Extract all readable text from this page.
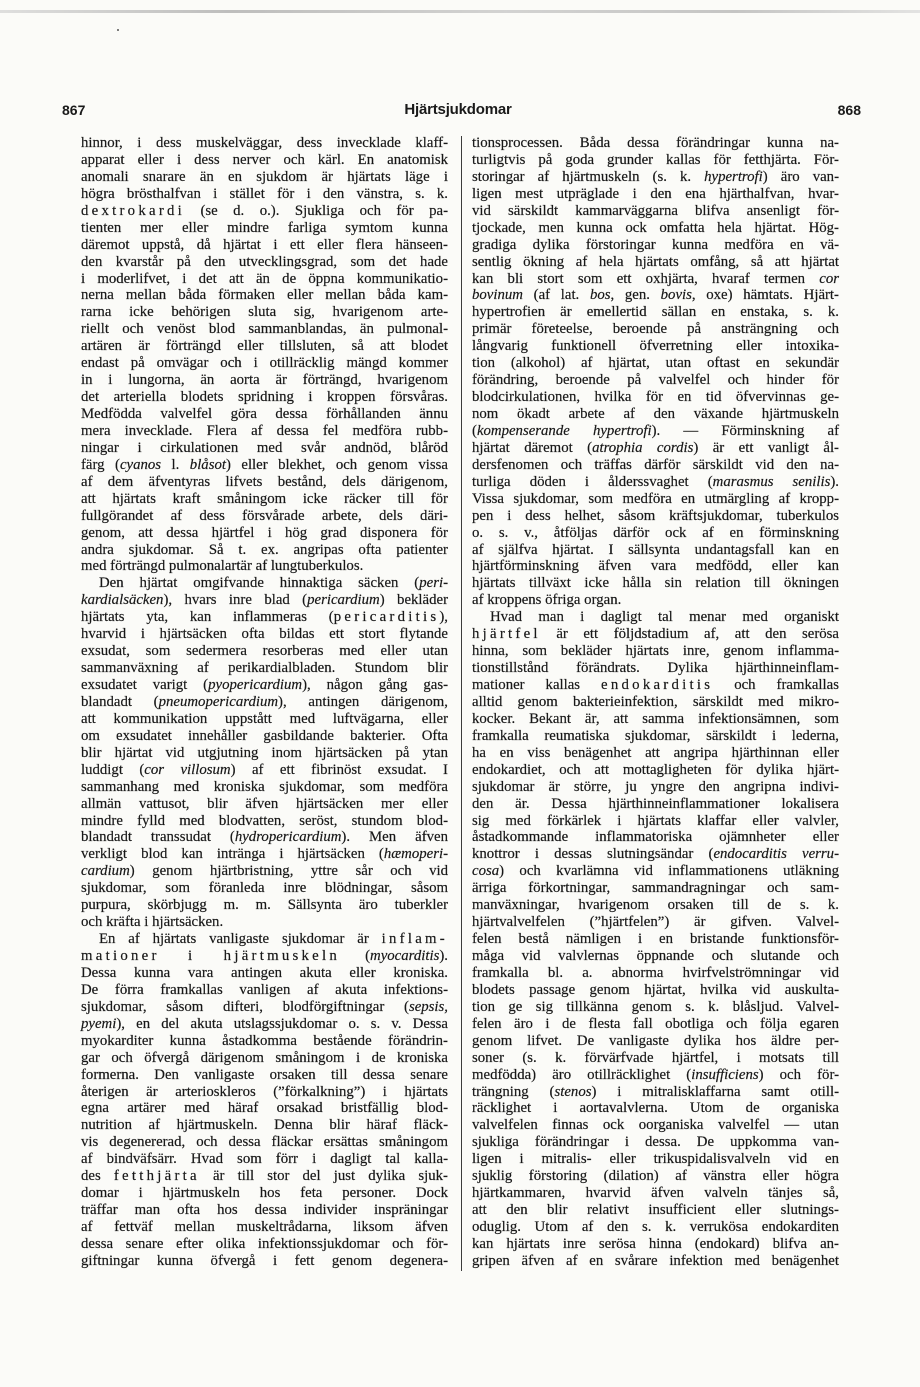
867	Hjärtsjukdomar	868
hinnor, i dess muskelväggar, dess invecklade klaff-
apparat eller i dess nerver och kärl. En anatomisk
anomali snarare än en sjukdom är hjärtats läge i
högra brösthalfvan i stället för i den vänstra, s. k.
dextrokardi (se d. o.). Sjukliga och för pa-
tienten mer eller mindre farliga symtom kunna
däremot uppstå, då hjärtat i ett eller flera hänseen-
den kvarstår på den utvecklingsgrad, som det hade
i moderlifvet, i det att än de öppna kommunikatio-
nerna mellan båda förmaken eller mellan båda kam-
rarna icke behörigen sluta sig, hvarigenom arte-
riellt och venöst blod sammanblandas, än pulmonal-
artären är förträngd eller tillsluten, så att blodet
endast på omvägar och i otillräcklig mängd kommer
in i lungorna, än aorta är förträngd, hvarigenom
det arteriella blodets spridning i kroppen försvåras.
Medfödda valvelfel göra dessa förhållanden ännu
mera invecklade. Flera af dessa fel medföra rubb-
ningar i cirkulationen med svår andnöd, blåröd
färg (cyanos l. blåsot) eller blekhet, och genom vissa
af dem äfventyras lifvets bestånd, dels därigenom,
att hjärtats kraft småningom icke räcker till för
fullgörandet af dess försvårade arbete, dels däri-
genom, att dessa hjärtfel i hög grad disponera för
andra sjukdomar. Så t. ex. angripas ofta patienter
med förträngd pulmonalartär af lungtuberkulos.
Den hjärtat omgifvande hinnaktiga säcken (peri-
kardialsäcken), hvars inre blad (pericardium) bekläder
hjärtats yta, kan inflammeras (pericarditis),
hvarvid i hjärtsäcken ofta bildas ett stort flytande
exsudat, som sedermera resorberas med eller utan
sammanväxning af perikardialbladen. Stundom blir
exsudatet varigt (pyopericardium), någon gång gas-
blandadt (pneumopericardium), antingen därigenom,
att kommunikation uppstått med luftvägarna, eller
om exsudatet innehåller gasbildande bakterier. Ofta
blir hjärtat vid utgjutning inom hjärtsäcken på ytan
luddigt (cor villosum) af ett fibrinöst exsudat. I
sammanhang med kroniska sjukdomar, som medföra
allmän vattusot, blir äfven hjärtsäcken mer eller
mindre fylld med blodvatten, seröst, stundom blod-
blandadt transsudat (hydropericardium). Men äfven
verkligt blod kan intränga i hjärtsäcken (hæmoperi-
cardium) genom hjärtbristning, yttre sår och vid
sjukdomar, som föranleda inre blödningar, såsom
purpura, skörbjugg m. m. Sällsynta äro tuberkler
och kräfta i hjärtsäcken.
En af hjärtats vanligaste sjukdomar är inflam-
mationer i hjärtmuskeln (myocarditis).
Dessa kunna vara antingen akuta eller kroniska.
De förra framkallas vanligen af akuta infektions-
sjukdomar, såsom difteri, blodförgiftningar (sepsis,
pyemi), en del akuta utslagssjukdomar o. s. v. Dessa
myokarditer kunna åstadkomma bestående förändrin-
gar och öfvergå därigenom småningom i de kroniska
formerna. Den vanligaste orsaken till dessa senare
återigen är arterioskleros (”förkalkning”) i hjärtats
egna artärer med häraf orsakad bristfällig blod-
nutrition af hjärtmuskeln. Denna blir häraf fläck-
vis degenererad, och dessa fläckar ersättas småningom
af bindväfsärr. Hvad som förr i dagligt tal kalla-
des fetthjärta är till stor del just dylika sjuk-
domar i hjärtmuskeln hos feta personer. Dock
träffar man ofta hos dessa individer inspräningar
af fettväf mellan muskeltrådarna, liksom äfven
dessa senare efter olika infektionssjukdomar och för-
giftningar kunna öfvergå i fett genom degenera-
tionsprocessen. Båda dessa förändringar kunna na-
turligtvis på goda grunder kallas för fetthjärta. För-
storingar af hjärtmuskeln (s. k. hypertrofi) äro van-
ligen mest utpräglade i den ena hjärthalfvan, hvar-
vid särskildt kammarväggarna blifva ansenligt för-
tjockade, men kunna ock omfatta hela hjärtat. Hög-
gradiga dylika förstoringar kunna medföra en vä-
sentlig ökning af hela hjärtats omfång, så att hjärtat
kan bli stort som ett oxhjärta, hvaraf termen cor
bovinum (af lat. bos, gen. bovis, oxe) hämtats. Hjärt-
hypertrofien är emellertid sällan en enstaka, s. k.
primär företeelse, beroende på ansträngning och
långvarig funktionell öfverretning eller intoxika-
tion (alkohol) af hjärtat, utan oftast en sekundär
förändring, beroende på valvelfel och hinder för
blodcirkulationen, hvilka för en tid öfvervinnas ge-
nom ökadt arbete af den växande hjärtmuskeln
(kompenserande hypertrofi). — Förminskning af
hjärtat däremot (atrophia cordis) är ett vanligt ål-
dersfenomen och träffas därför särskildt vid den na-
turliga döden i ålderssvaghet (marasmus senilis).
Vissa sjukdomar, som medföra en utmärgling af kropp-
pen i dess helhet, såsom kräftsjukdomar, tuberkulos
o. s. v., åtföljas därför ock af en förminskning
af själfva hjärtat. I sällsynta undantagsfall kan en
hjärtförminskning äfven vara medfödd, eller kan
hjärtats tillväxt icke hålla sin relation till ökningen
af kroppens öfriga organ.
Hvad man i dagligt tal menar med organiskt
hjärtfel är ett följdstadium af, att den serösa
hinna, som bekläder hjärtats inre, genom inflamma-
tionstillstånd förändrats. Dylika hjärthinneinflam-
mationer kallas endokarditis och framkallas
alltid genom bakterieinfektion, särskildt med mikro-
kocker. Bekant är, att samma infektionsämnen, som
framkalla reumatiska sjukdomar, särskildt i lederna,
ha en viss benägenhet att angripa hjärthinnan eller
endokardiet, och att mottagligheten för dylika hjärt-
sjukdomar är större, ju yngre den angripna indivi-
den är. Dessa hjärthinneinflammationer lokalisera
sig med förkärlek i hjärtats klaffar eller valvler,
åstadkommande inflammatoriska ojämnheter eller
knottror i dessas slutningsändar (endocarditis verru-
cosa) och kvarlämna vid inflammationens utläkning
ärriga förkortningar, sammandragningar och sam-
manväxningar, hvarigenom orsaken till de s. k.
hjärtvalvelfelen (”hjärtfelen”) är gifven. Valvel-
felen bestå nämligen i en bristande funktionsför-
måga vid valvlernas öppnande och slutande och
framkalla bl. a. abnorma hvirfvelströmningar vid
blodets passage genom hjärtat, hvilka vid auskulta-
tion ge sig tillkänna genom s. k. blåsljud. Valvel-
felen äro i de flesta fall obotliga och följa egaren
genom lifvet. De vanligaste dylika hos äldre per-
soner (s. k. förvärfvade hjärtfel, i motsats till
medfödda) äro otillräcklighet (insufficiens) och för-
trängning (stenos) i mitralisklaffarna samt otill-
räcklighet i aortavalvlerna. Utom de organiska
valvelfelen finnas ock oorganiska valvelfel — utan
sjukliga förändringar i dessa. De uppkomma van-
ligen i mitralis- eller trikuspidalisvalveln vid en
sjuklig förstoring (dilation) af vänstra eller högra
hjärtkammaren, hvarvid äfven valveln tänjes så,
att den blir relativt insufficient eller slutnings-
oduglig. Utom af den s. k. verrukösa endokarditen
kan hjärtats inre serösa hinna (endokard) blifva an-
gripen äfven af en svårare infektion med benägenhet
